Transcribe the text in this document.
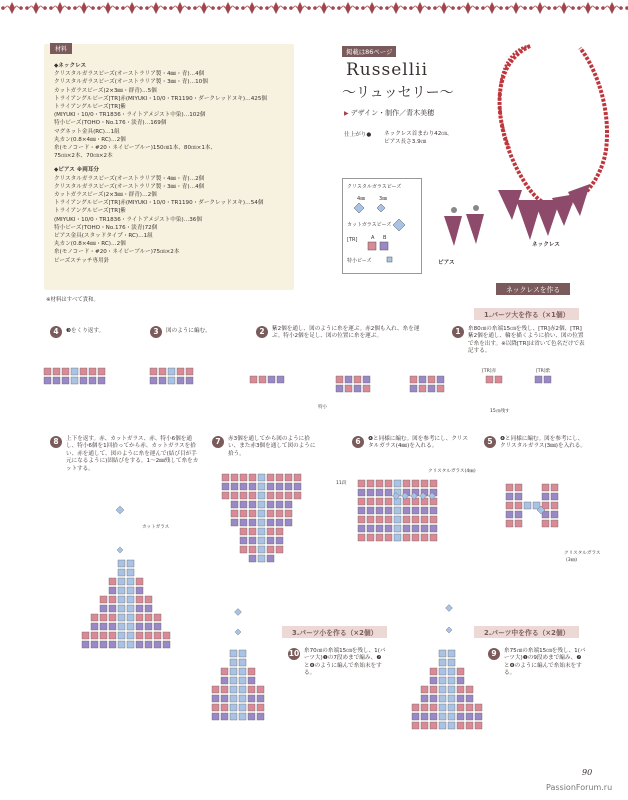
材料
◆ネックレス
クリスタルガラスビーズ(オーストラリア製・4㎜・青)…4個
クリスタルガラスビーズ(オーストラリア製・3㎜・青)…10個
カットガラスビーズ(2×3㎜・群青)…5個
トライアングルビーズ[TR]赤(MIYUKI・10/0・TR1190・ダークレッドヌキ)…425個
トライアングルビーズ[TR]紫
(MIYUKI・10/0・TR1836・ライトアメジスト中染)…102個
特小ビーズ(TOHO・No.176・淡青)…169個
マグネット金具(RC)…1組
丸カン(0.8×4㎜・RC)…2個
糸(モノコード・#20・ネイビーブルー)150㎝1本、80㎝×1本、
75㎝×2本、70㎝×2本
◆ピアス ※両耳分
クリスタルガラスビーズ(オーストラリア製・4㎜・青)…2個
クリスタルガラスビーズ(オーストラリア製・3㎜・青)…4個
カットガラスビーズ(2×3㎜・群青)…2個
トライアングルビーズ[TR]赤(MIYUKI・10/0・TR1190・ダークレッドヌキ)…54個
トライアングルビーズ[TR]紫
(MIYUKI・10/0・TR1836・ライトアメジスト中染)…36個
特小ビーズ(TOHO・No.176・淡青)72個
ピアス金具(スタッドタイプ・RC)…1組
丸カン(0.8×4㎜・RC)…2個
糸(モノコード・#20・ネイビーブルー)75㎝×2本
ビーズステッチ専用針
※材料はすべて貴和。
掲載は86ページ
Russellii
〜リュッセリー〜
▶ デザイン・制作／青木美穂
仕上がり● ネックレス首まわり42㎝、
ピアス長さ3.9㎝
クリスタルガラスビーズ
4㎜	3㎜
カットガラスビーズ
[TR]	A B
特小ビーズ
ネックレス
ピアス
ネックレスを作る
1.パーツ大を作る（×1個）
3.パーツ小を作る（×2個）	2.パーツ中を作る（×2個）
1	糸80㎝の糸端15㎝を残し、[TR]赤2個、[TR]紫2個を通し、輪を描くように拾い、図の位置で糸を出す。※以降[TR]は省いて色名だけで表記する。
2	紫2個を通し、図のように糸を運ぶ。赤2個も入れ、糸を運ぶ。特小2個を足し、図の位置に糸を運ぶ。
3	図のように編む。
4	❸をくり返す。
5	❹と同様に編む。図を参考にし、クリスタルガラス(3㎜)を入れる。
6	❹と同様に編む。図を参考にし、クリスタルガラス(4㎜)を入れる。
7	赤3個を通してから図のように拾い、また赤3個を通して図のように拾う。
8	上下を返す。赤、カットガラス、赤、特小6個を通し、特小6個を1回拾ってから赤、カットガラスを拾い、赤を通して、図のように糸を運んで(結び目が手元になるように)固結びをする。1〜2㎜残して糸をカットする。
9	糸75㎝の糸端15㎝を残し、1(パーツ大)❶の9段めまで編み、❼と❽のように編んで糸始末をする。
10 糸70㎝の糸端15㎝を残し、1(パーツ大)❶の7段めまで編み、❼と❽のように編んで糸始末をする。
[TR]赤	[TR]紫
15㎝残す
特小
クリスタルガラス(4㎜)
11段
クリスタルガラス
(3㎜)
カットガラス
90
PassionForum.ru
